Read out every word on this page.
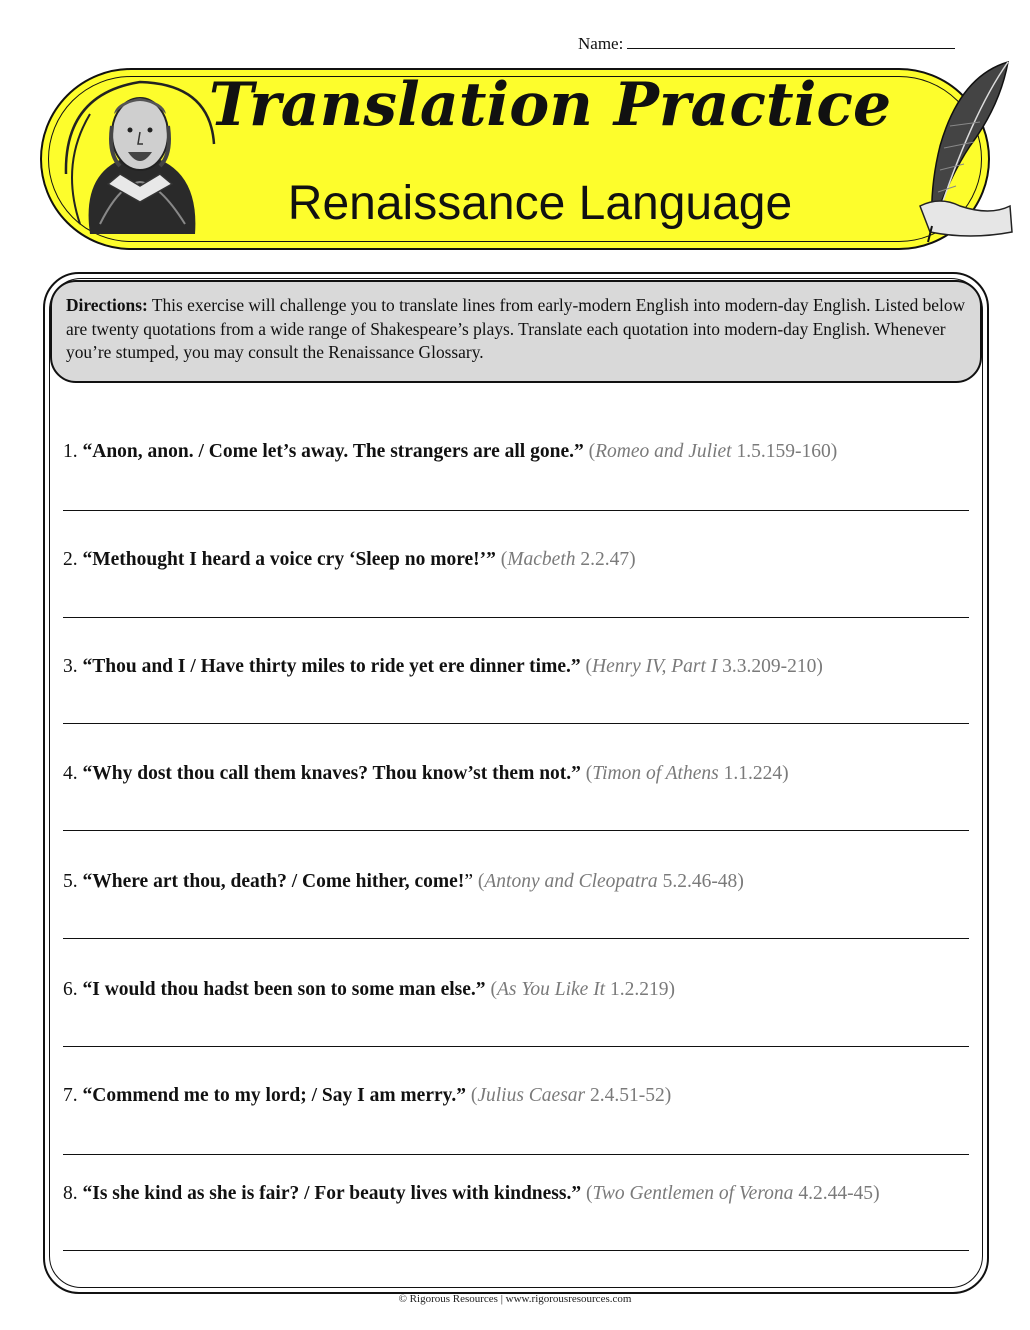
Name:
Translation Practice
Renaissance Language
Directions: This exercise will challenge you to translate lines from early-modern English into modern-day English. Listed below are twenty quotations from a wide range of Shakespeare’s plays. Translate each quotation into modern-day English. Whenever you’re stumped, you may consult the Renaissance Glossary.
1. “Anon, anon. / Come let’s away. The strangers are all gone.” (Romeo and Juliet 1.5.159-160)
2. “Methought I heard a voice cry ‘Sleep no more!’” (Macbeth 2.2.47)
3. “Thou and I / Have thirty miles to ride yet ere dinner time.” (Henry IV, Part I 3.3.209-210)
4. “Why dost thou call them knaves? Thou know’st them not.” (Timon of Athens 1.1.224)
5. “Where art thou, death? / Come hither, come!” (Antony and Cleopatra 5.2.46-48)
6. “I would thou hadst been son to some man else.” (As You Like It 1.2.219)
7. “Commend me to my lord; / Say I am merry.” (Julius Caesar 2.4.51-52)
8. “Is she kind as she is fair? / For beauty lives with kindness.” (Two Gentlemen of Verona 4.2.44-45)
© Rigorous Resources | www.rigorousresources.com
